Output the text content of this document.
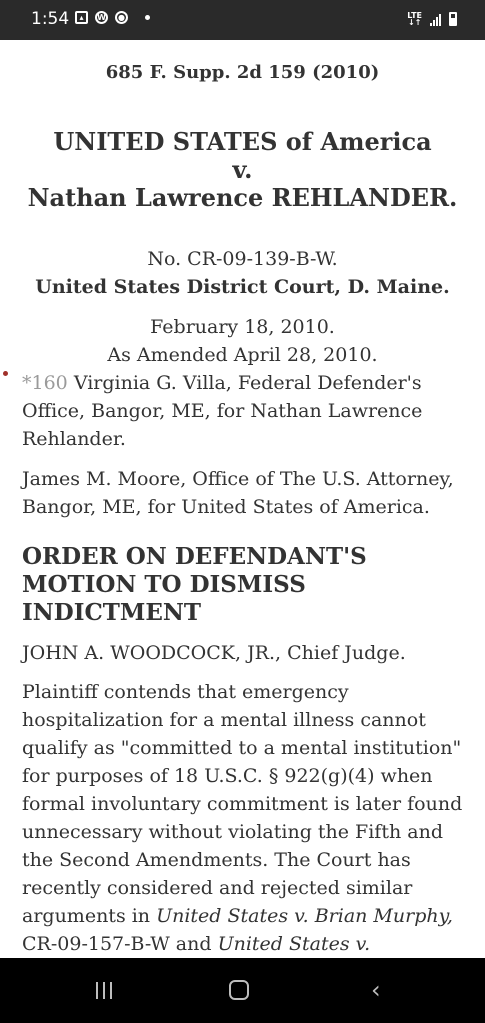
1:54	▴	W	●	LTE
↓↑
685 F. Supp. 2d 159 (2010)
UNITED STATES of America
v.
Nathan Lawrence REHLANDER.
No. CR-09-139-B-W.
United States District Court, D. Maine.
February 18, 2010.
As Amended April 28, 2010.
*160 Virginia G. Villa, Federal Defender's Office, Bangor, ME, for Nathan Lawrence Rehlander.
James M. Moore, Office of The U.S. Attorney, Bangor, ME, for United States of America.
ORDER ON DEFENDANT'S MOTION TO DISMISS INDICTMENT
JOHN A. WOODCOCK, JR., Chief Judge.
Plaintiff contends that emergency hospitalization for a mental illness cannot qualify as "committed to a mental institution" for purposes of 18 U.S.C. § 922(g)(4) when formal involuntary commitment is later found unnecessary without violating the Fifth and the Second Amendments. The Court has recently considered and rejected similar arguments in United States v. Brian Murphy, CR-09-157-B-W and United States v.
‹
